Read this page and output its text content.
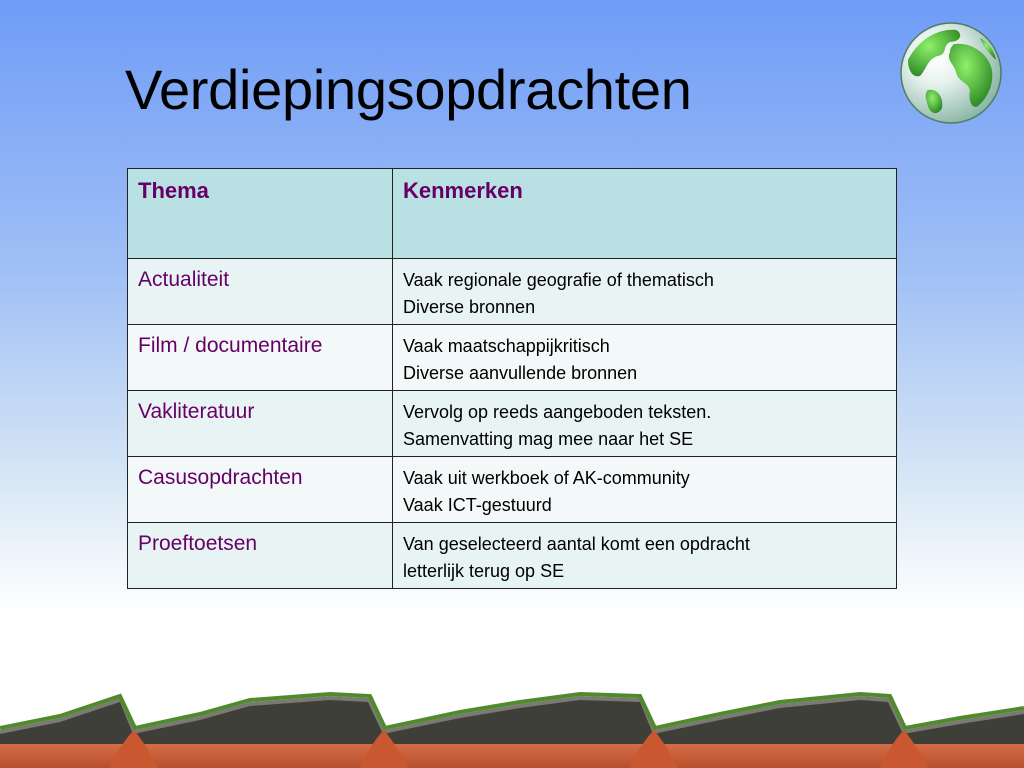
Verdiepingsopdrachten
Thema	Kenmerken
Actualiteit	Vaak regionale geografie of thematisch
Diverse bronnen

Film / documentaire	Vaak maatschappijkritisch
Diverse aanvullende bronnen

Vakliteratuur	Vervolg op reeds aangeboden teksten.
Samenvatting mag mee naar het SE

Casusopdrachten	Vaak uit werkboek of AK-community
Vaak ICT-gestuurd

Proeftoetsen	Van geselecteerd aantal komt een opdracht
letterlijk terug op SE
